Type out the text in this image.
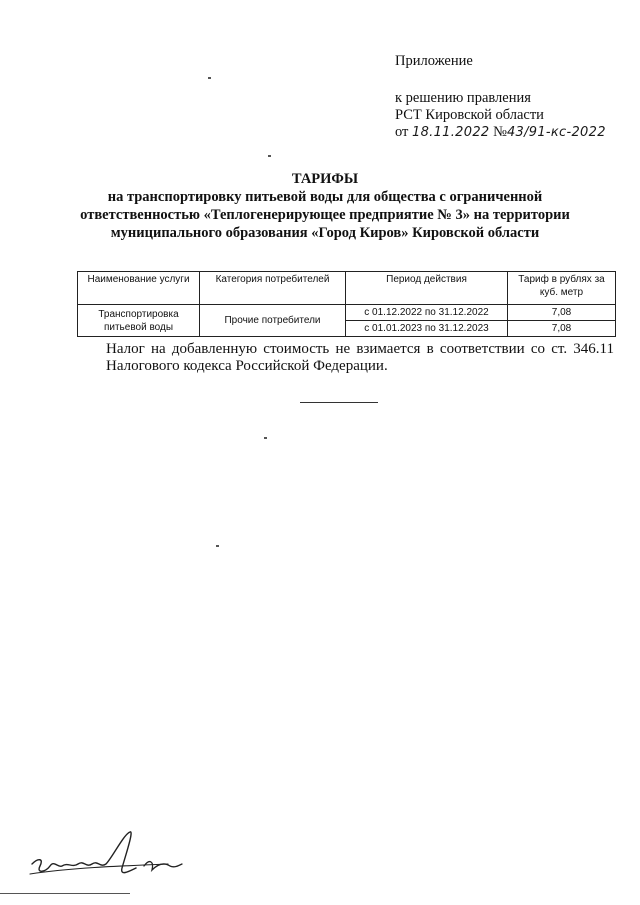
Приложение
к решению правления
РСТ Кировской области
от 18.11.2022 №43/91-кс-2022
ТАРИФЫ
на транспортировку питьевой воды для общества с ограниченной ответственностью «Теплогенерирующее предприятие № 3» на территории муниципального образования «Город Киров» Кировской области
Наименование услуги	Категория потребителей	Период действия	Тариф в рублях за куб. метр
Транспортировка питьевой воды	Прочие потребители	с 01.12.2022 по 31.12.2022	7,08
		с 01.01.2023 по 31.12.2023	7,08
Налог на добавленную стоимость не взимается в соответствии со ст. 346.11 Налогового кодекса Российской Федерации.
